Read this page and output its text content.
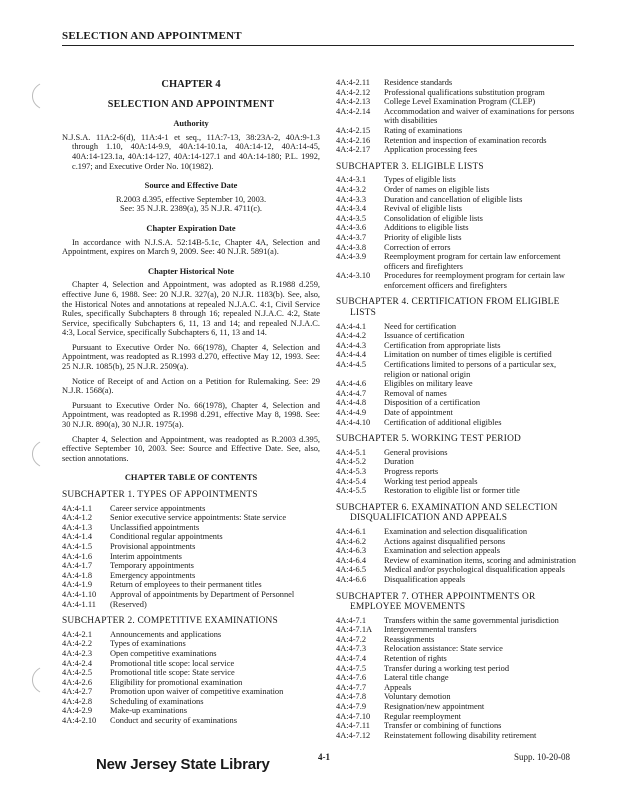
SELECTION AND APPOINTMENT
CHAPTER 4
SELECTION AND APPOINTMENT
Authority

N.J.S.A. 11A:2-6(d), 11A:4-1 et seq., 11A:7-13, 38:23A-2, 40A:9-1.3 through 1.10, 40A:14-9.9, 40A:14-10.1a, 40A:14-12, 40A:14-45, 40A:14-123.1a, 40A:14-127, 40A:14-127.1 and 40A:14-180; P.L. 1992, c.197; and Executive Order No. 10(1982).

Source and Effective Date

R.2003 d.395, effective September 10, 2003.

See: 35 N.J.R. 2389(a), 35 N.J.R. 4711(c).

Chapter Expiration Date

In accordance with N.J.S.A. 52:14B-5.1c, Chapter 4A, Selection and Appointment, expires on March 9, 2009. See: 40 N.J.R. 5891(a).

Chapter Historical Note

Chapter 4, Selection and Appointment, was adopted as R.1988 d.259, effective June 6, 1988. See: 20 N.J.R. 327(a), 20 N.J.R. 1183(b). See, also, the Historical Notes and annotations at repealed N.J.A.C. 4:1, Civil Service Rules, specifically Subchapters 8 through 16; repealed N.J.A.C. 4:2, State Service, specifically Subchapters 6, 11, 13 and 14; and repealed N.J.A.C. 4:3, Local Service, specifically Subchapters 6, 11, 13 and 14.

Pursuant to Executive Order No. 66(1978), Chapter 4, Selection and Appointment, was readopted as R.1993 d.270, effective May 12, 1993. See: 25 N.J.R. 1085(b), 25 N.J.R. 2509(a).

Notice of Receipt of and Action on a Petition for Rulemaking. See: 29 N.J.R. 1568(a).

Pursuant to Executive Order No. 66(1978), Chapter 4, Selection and Appointment, was readopted as R.1998 d.291, effective May 8, 1998. See: 30 N.J.R. 890(a), 30 N.J.R. 1975(a).

Chapter 4, Selection and Appointment, was readopted as R.2003 d.395, effective September 10, 2003. See: Source and Effective Date. See, also, section annotations.

CHAPTER TABLE OF CONTENTS
SUBCHAPTER 1. TYPES OF APPOINTMENTS
4A:4-1.1	Career service appointments
4A:4-1.2	Senior executive service appointments: State service
4A:4-1.3	Unclassified appointments
4A:4-1.4	Conditional regular appointments
4A:4-1.5	Provisional appointments
4A:4-1.6	Interim appointments
4A:4-1.7	Temporary appointments
4A:4-1.8	Emergency appointments
4A:4-1.9	Return of employees to their permanent titles
4A:4-1.10	Approval of appointments by Department of Personnel
4A:4-1.11	(Reserved)
SUBCHAPTER 2. COMPETITIVE EXAMINATIONS
4A:4-2.1	Announcements and applications
4A:4-2.2	Types of examinations
4A:4-2.3	Open competitive examinations
4A:4-2.4	Promotional title scope: local service
4A:4-2.5	Promotional title scope: State service
4A:4-2.6	Eligibility for promotional examination
4A:4-2.7	Promotion upon waiver of competitive examination
4A:4-2.8	Scheduling of examinations
4A:4-2.9	Make-up examinations
4A:4-2.10	Conduct and security of examinations
4A:4-2.11	Residence standards
4A:4-2.12	Professional qualifications substitution program
4A:4-2.13	College Level Examination Program (CLEP)
4A:4-2.14	Accommodation and waiver of examinations for persons with disabilities
4A:4-2.15	Rating of examinations
4A:4-2.16	Retention and inspection of examination records
4A:4-2.17	Application processing fees
SUBCHAPTER 3. ELIGIBLE LISTS
4A:4-3.1	Types of eligible lists
4A:4-3.2	Order of names on eligible lists
4A:4-3.3	Duration and cancellation of eligible lists
4A:4-3.4	Revival of eligible lists
4A:4-3.5	Consolidation of eligible lists
4A:4-3.6	Additions to eligible lists
4A:4-3.7	Priority of eligible lists
4A:4-3.8	Correction of errors
4A:4-3.9	Reemployment program for certain law enforcement officers and firefighters
4A:4-3.10	Procedures for reemployment program for certain law enforcement officers and firefighters
SUBCHAPTER 4. CERTIFICATION FROM ELIGIBLE LISTS
4A:4-4.1	Need for certification
4A:4-4.2	Issuance of certification
4A:4-4.3	Certification from appropriate lists
4A:4-4.4	Limitation on number of times eligible is certified
4A:4-4.5	Certifications limited to persons of a particular sex, religion or national origin
4A:4-4.6	Eligibles on military leave
4A:4-4.7	Removal of names
4A:4-4.8	Disposition of a certification
4A:4-4.9	Date of appointment
4A:4-4.10	Certification of additional eligibles
SUBCHAPTER 5. WORKING TEST PERIOD
4A:4-5.1	General provisions
4A:4-5.2	Duration
4A:4-5.3	Progress reports
4A:4-5.4	Working test period appeals
4A:4-5.5	Restoration to eligible list or former title
SUBCHAPTER 6. EXAMINATION AND SELECTION DISQUALIFICATION AND APPEALS
4A:4-6.1	Examination and selection disqualification
4A:4-6.2	Actions against disqualified persons
4A:4-6.3	Examination and selection appeals
4A:4-6.4	Review of examination items, scoring and administration
4A:4-6.5	Medical and/or psychological disqualification appeals
4A:4-6.6	Disqualification appeals
SUBCHAPTER 7. OTHER APPOINTMENTS OR EMPLOYEE MOVEMENTS
4A:4-7.1	Transfers within the same governmental jurisdiction
4A:4-7.1A	Intergovernmental transfers
4A:4-7.2	Reassignments
4A:4-7.3	Relocation assistance: State service
4A:4-7.4	Retention of rights
4A:4-7.5	Transfer during a working test period
4A:4-7.6	Lateral title change
4A:4-7.7	Appeals
4A:4-7.8	Voluntary demotion
4A:4-7.9	Resignation/new appointment
4A:4-7.10	Regular reemployment
4A:4-7.11	Transfer or combining of functions
4A:4-7.12	Reinstatement following disability retirement
New Jersey State Library	4-1	Supp. 10-20-08
